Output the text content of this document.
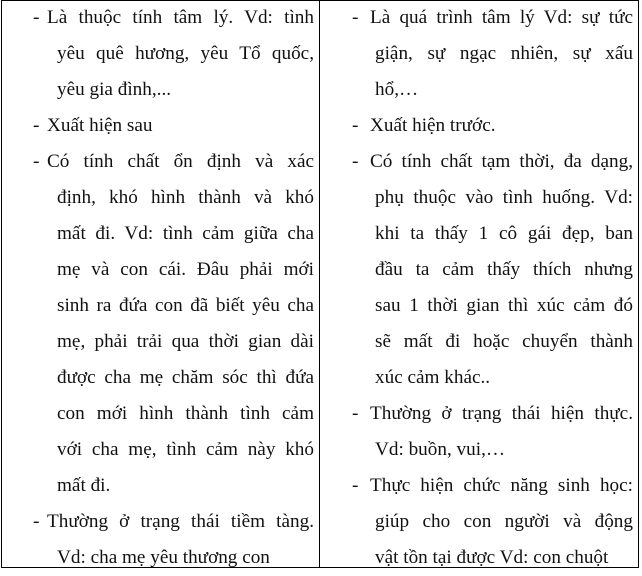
- Là thuộc tính tâm lý. Vd: tình
yêu quê hương, yêu Tổ quốc,
yêu gia đình,...
- Xuất hiện sau
- Có tính chất ổn định và xác
định, khó hình thành và khó
mất đi. Vd: tình cảm giữa cha
mẹ và con cái. Đâu phải mới
sinh ra đứa con đã biết yêu cha
mẹ, phải trải qua thời gian dài
được cha mẹ chăm sóc thì đứa
con mới hình thành tình cảm
với cha mẹ, tình cảm này khó
mất đi.
- Thường ở trạng thái tiềm tàng.
Vd: cha mẹ yêu thương con
- Là quá trình tâm lý Vd: sự tức
giận, sự ngạc nhiên, sự xấu
hổ,…
- Xuất hiện trước.
- Có tính chất tạm thời, đa dạng,
phụ thuộc vào tình huống. Vd:
khi ta thấy 1 cô gái đẹp, ban
đầu ta cảm thấy thích nhưng
sau 1 thời gian thì xúc cảm đó
sẽ mất đi hoặc chuyển thành
xúc cảm khác..
- Thường ở trạng thái hiện thực.
Vd: buồn, vui,…
- Thực hiện chức năng sinh học:
giúp cho con người và động
vật tồn tại được Vd: con chuột
